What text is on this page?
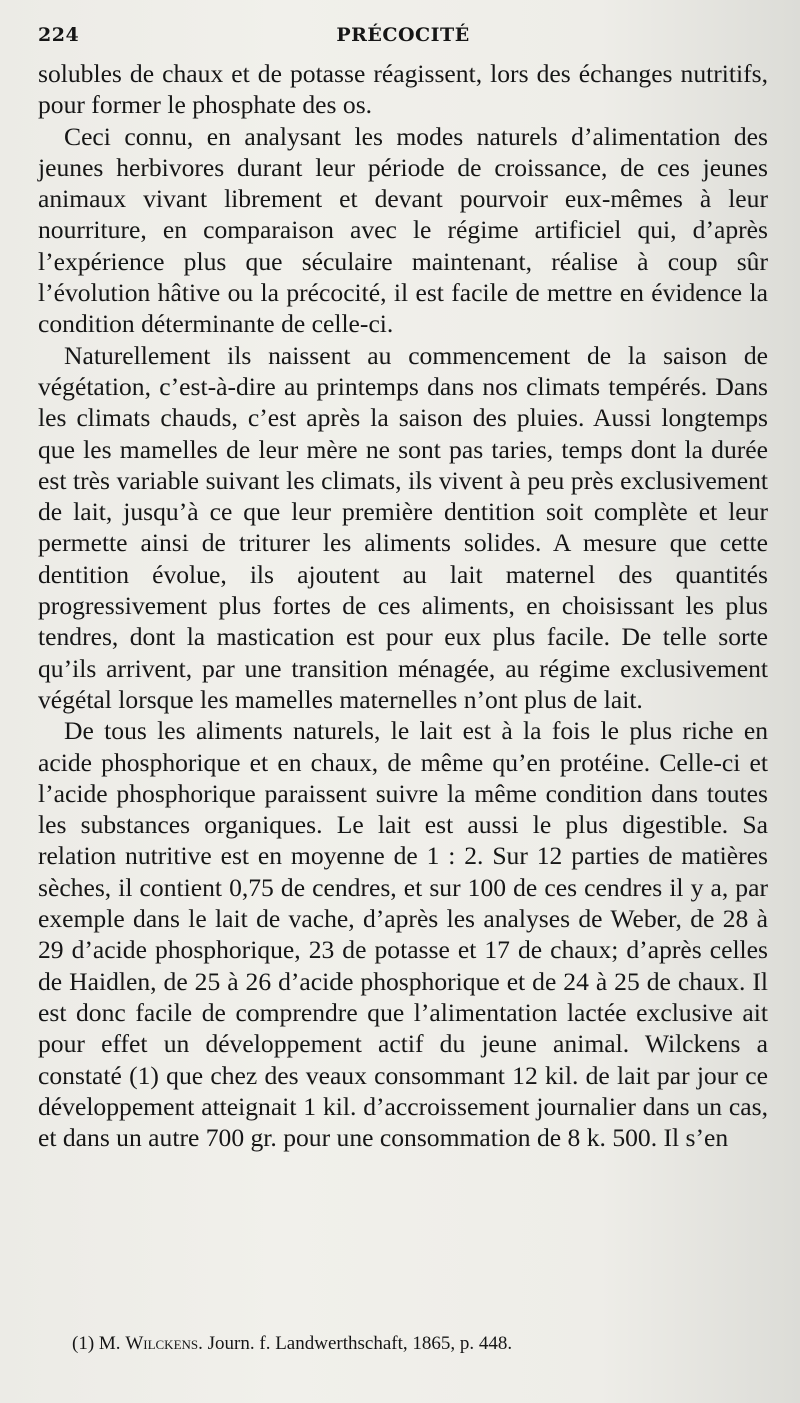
224	PRÉCOCITÉ

solubles de chaux et de potasse réagissent, lors des échanges nutritifs, pour former le phosphate des os.

Ceci connu, en analysant les modes naturels d’alimentation des jeunes herbivores durant leur période de croissance, de ces jeunes animaux vivant librement et devant pourvoir eux-mêmes à leur nourriture, en comparaison avec le régime artificiel qui, d’après l’expérience plus que séculaire maintenant, réalise à coup sûr l’évolution hâtive ou la précocité, il est facile de mettre en évidence la condition déterminante de celle-ci.

Naturellement ils naissent au commencement de la saison de végétation, c’est-à-dire au printemps dans nos climats tempérés. Dans les climats chauds, c’est après la saison des pluies. Aussi longtemps que les mamelles de leur mère ne sont pas taries, temps dont la durée est très variable suivant les climats, ils vivent à peu près exclusivement de lait, jusqu’à ce que leur première dentition soit complète et leur permette ainsi de triturer les aliments solides. A mesure que cette dentition évolue, ils ajoutent au lait maternel des quantités progressivement plus fortes de ces aliments, en choisissant les plus tendres, dont la mastication est pour eux plus facile. De telle sorte qu’ils arrivent, par une transition ménagée, au régime exclusivement végétal lorsque les mamelles maternelles n’ont plus de lait.

De tous les aliments naturels, le lait est à la fois le plus riche en acide phosphorique et en chaux, de même qu’en protéine. Celle-ci et l’acide phosphorique paraissent suivre la même condition dans toutes les substances organiques. Le lait est aussi le plus digestible. Sa relation nutritive est en moyenne de 1 : 2. Sur 12 parties de matières sèches, il contient 0,75 de cendres, et sur 100 de ces cendres il y a, par exemple dans le lait de vache, d’après les analyses de Weber, de 28 à 29 d’acide phosphorique, 23 de potasse et 17 de chaux; d’après celles de Haidlen, de 25 à 26 d’acide phosphorique et de 24 à 25 de chaux. Il est donc facile de comprendre que l’alimentation lactée exclusive ait pour effet un développement actif du jeune animal. Wilckens a constaté (1) que chez des veaux consommant 12 kil. de lait par jour ce développement atteignait 1 kil. d’accroissement journalier dans un cas, et dans un autre 700 gr. pour une consommation de 8 k. 500. Il s’en

(1) M. Wilckens. Journ. f. Landwerthschaft, 1865, p. 448.
